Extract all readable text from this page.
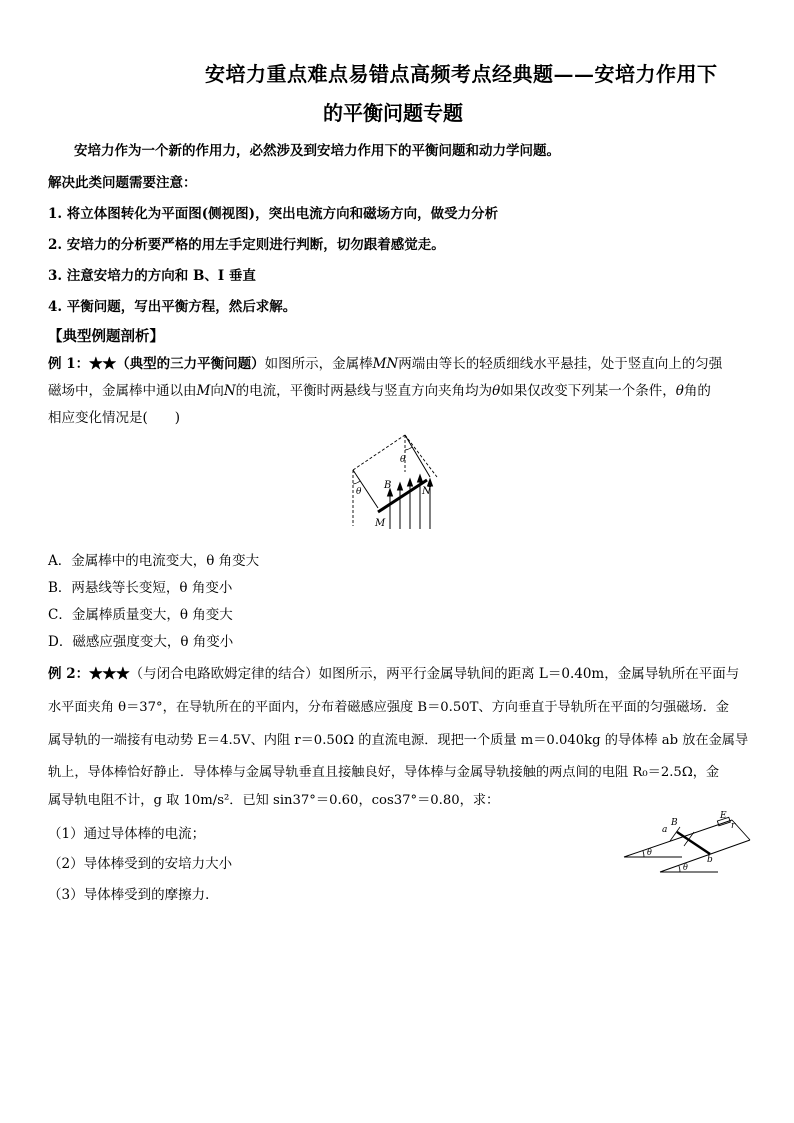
安培力重点难点易错点高频考点经典题——安培力作用下
的平衡问题专题
安培力作为一个新的作用力，必然涉及到安培力作用下的平衡问题和动力学问题。
解决此类问题需要注意：
1. 将立体图转化为平面图(侧视图)，突出电流方向和磁场方向，做受力分析
2. 安培力的分析要严格的用左手定则进行判断，切勿跟着感觉走。
3. 注意安培力的方向和 B、I 垂直
4. 平衡问题，写出平衡方程，然后求解。
【典型例题剖析】
例 1：★★（典型的三力平衡问题）如图所示，金属棒MN两端由等长的轻质细线水平悬挂，处于竖直向上的匀强
磁场中，金属棒中通以由M向N的电流，平衡时两悬线与竖直方向夹角均为θ如果仅改变下列某一个条件，θ角的
相应变化情况是(　　)
θ
θ
B
M
N
A．金属棒中的电流变大，θ 角变大
B．两悬线等长变短，θ 角变小
C．金属棒质量变大，θ 角变大
D．磁感应强度变大，θ 角变小
例 2：★★★（与闭合电路欧姆定律的结合）如图所示，两平行金属导轨间的距离 L＝0.40m，金属导轨所在平面与
水平面夹角 θ＝37°，在导轨所在的平面内，分布着磁感应强度 B＝0.50T、方向垂直于导轨所在平面的匀强磁场．金
属导轨的一端接有电动势 E＝4.5V、内阻 r＝0.50Ω 的直流电源．现把一个质量 m＝0.040kg 的导体棒 ab 放在金属导
轨上，导体棒恰好静止．导体棒与金属导轨垂直且接触良好，导体棒与金属导轨接触的两点间的电阻 R₀＝2.5Ω，金
属导轨电阻不计，g 取 10m/s²．已知 sin37°＝0.60，cos37°＝0.80，求：
（1）通过导体棒的电流；
（2）导体棒受到的安培力大小
（3）导体棒受到的摩擦力．
a
B
b
E
r
θ
θ
